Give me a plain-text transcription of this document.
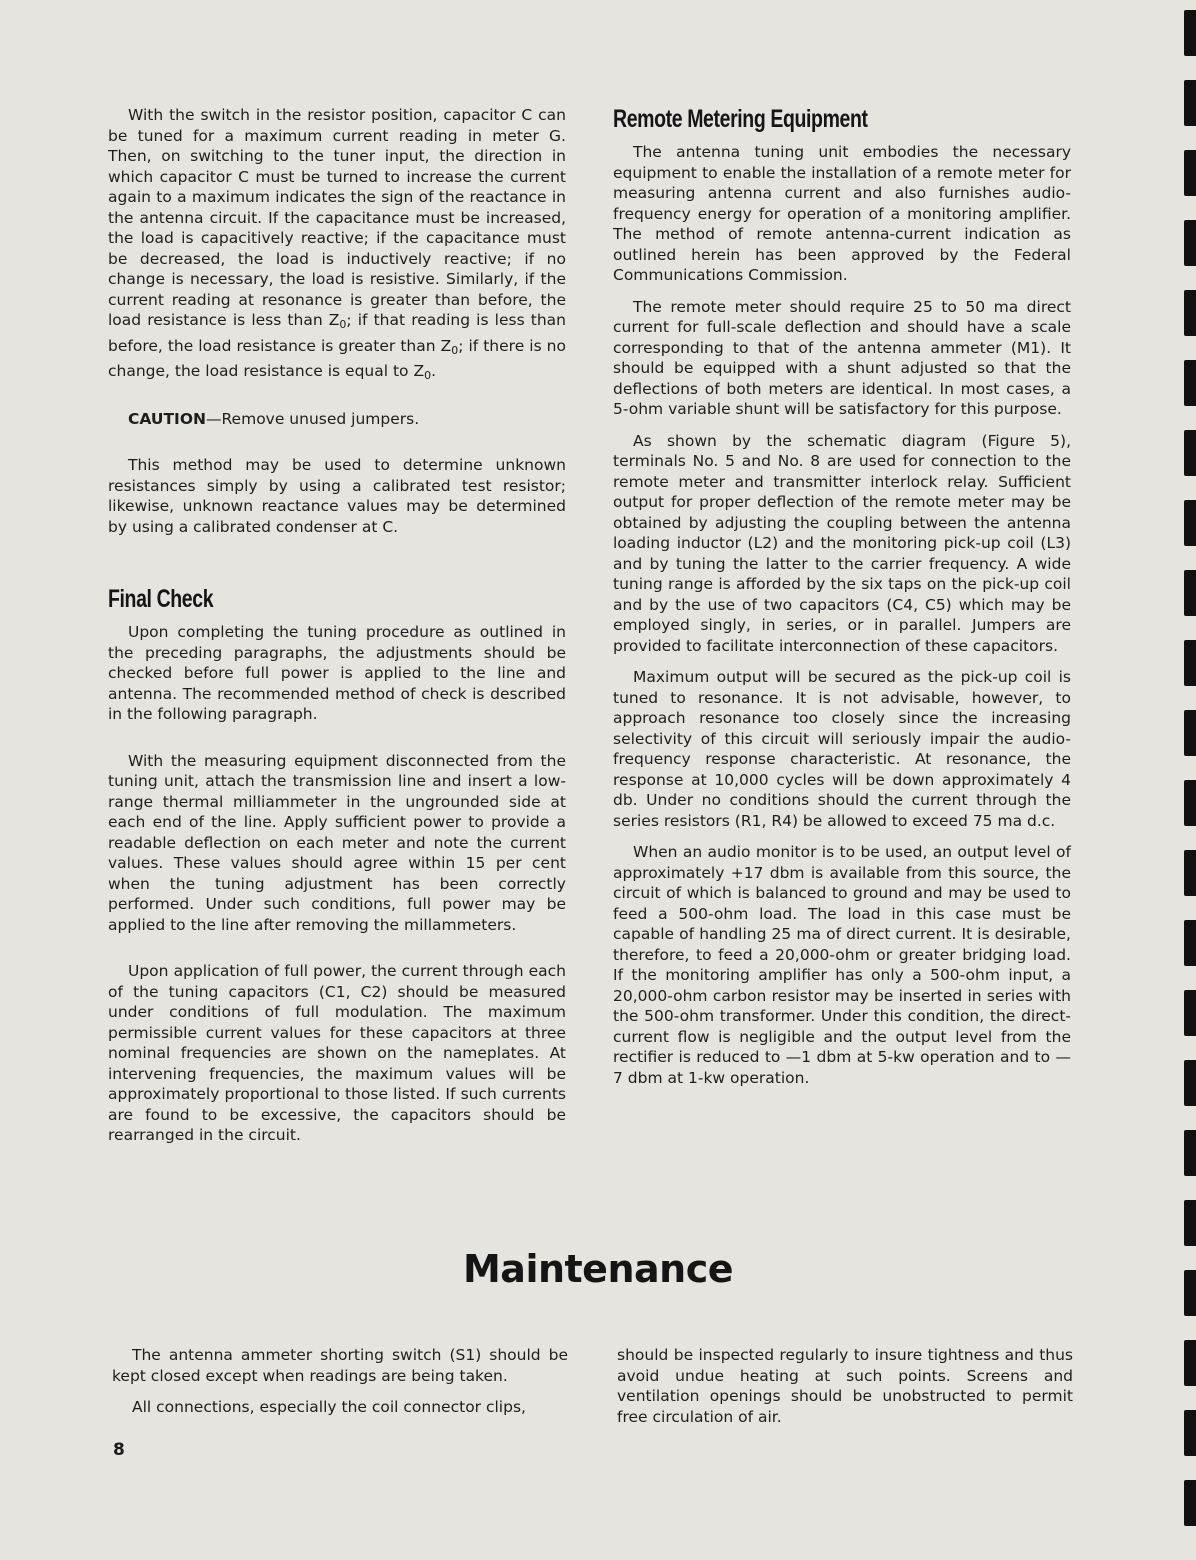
With the switch in the resistor position, capacitor C can be tuned for a maximum current reading in meter G. Then, on switching to the tuner input, the direction in which capacitor C must be turned to increase the current again to a maximum indicates the sign of the reactance in the antenna circuit. If the capacitance must be increased, the load is capacitively reactive; if the capacitance must be decreased, the load is inductively reactive; if no change is necessary, the load is resistive. Similarly, if the current reading at resonance is greater than before, the load resistance is less than $Z_0$; if that reading is less than before, the load resistance is greater than $Z_0$; if there is no change, the load resistance is equal to $Z_0$.

CAUTION—Remove unused jumpers.

This method may be used to determine unknown resistances simply by using a calibrated test resistor; likewise, unknown reactance values may be determined by using a calibrated condenser at C.

Final Check

Upon completing the tuning procedure as outlined in the preceding paragraphs, the adjustments should be checked before full power is applied to the line and antenna. The recommended method of check is described in the following paragraph.

With the measuring equipment disconnected from the tuning unit, attach the transmission line and insert a low-range thermal milliammeter in the ungrounded side at each end of the line. Apply sufficient power to provide a readable deflection on each meter and note the current values. These values should agree within 15 per cent when the tuning adjustment has been correctly performed. Under such conditions, full power may be applied to the line after removing the millammeters.

Upon application of full power, the current through each of the tuning capacitors (C1, C2) should be measured under conditions of full modulation. The maximum permissible current values for these capacitors at three nominal frequencies are shown on the nameplates. At intervening frequencies, the maximum values will be approximately proportional to those listed. If such currents are found to be excessive, the capacitors should be rearranged in the circuit.

Remote Metering Equipment

The antenna tuning unit embodies the necessary equipment to enable the installation of a remote meter for measuring antenna current and also furnishes audio-frequency energy for operation of a monitoring amplifier. The method of remote antenna-current indication as outlined herein has been approved by the Federal Communications Commission.

The remote meter should require 25 to 50 ma direct current for full-scale deflection and should have a scale corresponding to that of the antenna ammeter (M1). It should be equipped with a shunt adjusted so that the deflections of both meters are identical. In most cases, a 5-ohm variable shunt will be satisfactory for this purpose.

As shown by the schematic diagram (Figure 5), terminals No. 5 and No. 8 are used for connection to the remote meter and transmitter interlock relay. Sufficient output for proper deflection of the remote meter may be obtained by adjusting the coupling between the antenna loading inductor (L2) and the monitoring pick-up coil (L3) and by tuning the latter to the carrier frequency. A wide tuning range is afforded by the six taps on the pick-up coil and by the use of two capacitors (C4, C5) which may be employed singly, in series, or in parallel. Jumpers are provided to facilitate interconnection of these capacitors.

Maximum output will be secured as the pick-up coil is tuned to resonance. It is not advisable, however, to approach resonance too closely since the increasing selectivity of this circuit will seriously impair the audio-frequency response characteristic. At resonance, the response at 10,000 cycles will be down approximately 4 db. Under no conditions should the current through the series resistors (R1, R4) be allowed to exceed 75 ma d.c.

When an audio monitor is to be used, an output level of approximately +17 dbm is available from this source, the circuit of which is balanced to ground and may be used to feed a 500-ohm load. The load in this case must be capable of handling 25 ma of direct current. It is desirable, therefore, to feed a 20,000-ohm or greater bridging load. If the monitoring amplifier has only a 500-ohm input, a 20,000-ohm carbon resistor may be inserted in series with the 500-ohm transformer. Under this condition, the direct-current flow is negligible and the output level from the rectifier is reduced to —1 dbm at 5-kw operation and to —7 dbm at 1-kw operation.

Maintenance

The antenna ammeter shorting switch (S1) should be kept closed except when readings are being taken.

All connections, especially the coil connector clips,

should be inspected regularly to insure tightness and thus avoid undue heating at such points. Screens and ventilation openings should be unobstructed to permit free circulation of air.

8
